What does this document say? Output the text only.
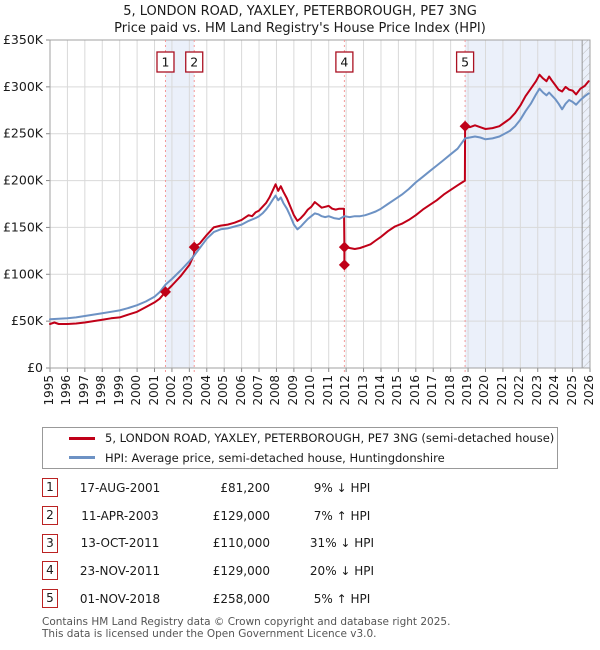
5, LONDON ROAD, YAXLEY, PETERBOROUGH, PE7 3NG
Price paid vs. HM Land Registry's House Price Index (HPI)
£0
£50K
£100K
£150K
£200K
£250K
£300K
£350K
1 2	4	5
1995 1996 1997 1998 1999 2000 2001 2002 2003 2004 2005 2006 2007 2008 2009 2010 2011 2012 2013 2014 2015 2016 2017 2018 2019 2020 2021 2022 2023 2024 2025 2026
5, LONDON ROAD, YAXLEY, PETERBOROUGH, PE7 3NG (semi-detached house)
HPI: Average price, semi-detached house, Huntingdonshire
1	17-AUG-2001	£81,200	9% ↓ HPI
2	11-APR-2003	£129,000	7% ↑ HPI
3	13-OCT-2011	£110,000	31% ↓ HPI
4	23-NOV-2011	£129,000	20% ↓ HPI
5	01-NOV-2018	£258,000	5% ↑ HPI
Contains HM Land Registry data © Crown copyright and database right 2025.
This data is licensed under the Open Government Licence v3.0.
